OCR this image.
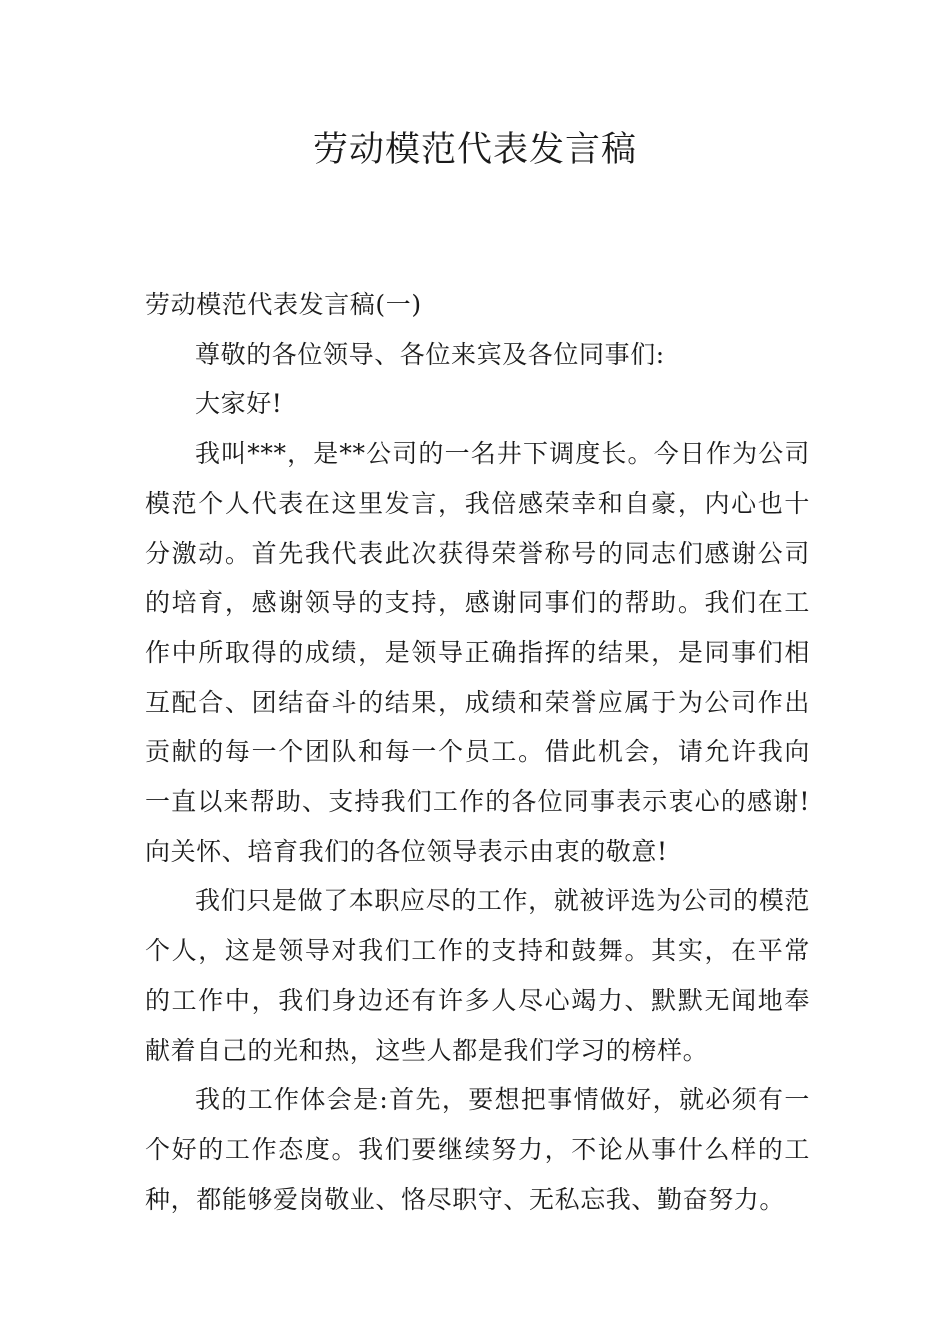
劳动模范代表发言稿

劳动模范代表发言稿(一)

尊敬的各位领导、各位来宾及各位同事们:

大家好!

我叫***，是**公司的一名井下调度长。今日作为公司模范个人代表在这里发言，我倍感荣幸和自豪，内心也十分激动。首先我代表此次获得荣誉称号的同志们感谢公司的培育，感谢领导的支持，感谢同事们的帮助。我们在工作中所取得的成绩，是领导正确指挥的结果，是同事们相互配合、团结奋斗的结果，成绩和荣誉应属于为公司作出贡献的每一个团队和每一个员工。借此机会，请允许我向一直以来帮助、支持我们工作的各位同事表示衷心的感谢!向关怀、培育我们的各位领导表示由衷的敬意!

我们只是做了本职应尽的工作，就被评选为公司的模范个人，这是领导对我们工作的支持和鼓舞。其实，在平常的工作中，我们身边还有许多人尽心竭力、默默无闻地奉献着自己的光和热，这些人都是我们学习的榜样。

我的工作体会是:首先，要想把事情做好，就必须有一个好的工作态度。我们要继续努力，不论从事什么样的工种，都能够爱岗敬业、恪尽职守、无私忘我、勤奋努力。
